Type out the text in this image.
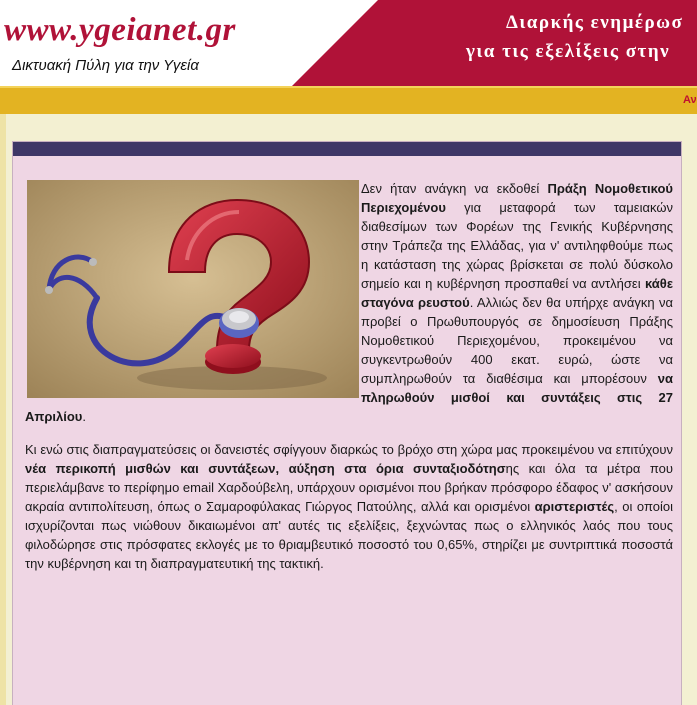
www.ygeianet.gr
Δικτυακή Πύλη για την Υγεία
Διαρκής ενημέρωσ
για τις εξελίξεις στην
Αν

Δεν ήταν ανάγκη να εκδοθεί Πράξη Νομοθετικού Περιεχομένου για μεταφορά των ταμειακών διαθεσίμων των Φορέων της Γενικής Κυβέρνησης στην Τράπεζα της Ελλάδας, για ν' αντιληφθούμε πως η κατάσταση της χώρας βρίσκεται σε πολύ δύσκολο σημείο και η κυβέρνηση προσπαθεί να αντλήσει κάθε σταγόνα ρευστού. Αλλιώς δεν θα υπήρχε ανάγκη να προβεί ο Πρωθυπουργός σε δημοσίευση Πράξης Νομοθετικού Περιεχομένου, προκειμένου να συγκεντρωθούν 400 εκατ. ευρώ, ώστε να συμπληρωθούν τα διαθέσιμα και μπορέσουν να πληρωθούν μισθοί και συντάξεις στις 27 Απριλίου.

Κι ενώ στις διαπραγματεύσεις οι δανειστές σφίγγουν διαρκώς το βρόχο στη χώρα μας προκειμένου να επιτύχουν νέα περικοπή μισθών και συντάξεων, αύξηση στα όρια συνταξιοδότησης και όλα τα μέτρα που περιελάμβανε το περίφημο email Χαρδούβελη, υπάρχουν ορισμένοι που βρήκαν πρόσφορο έδαφος ν' ασκήσουν ακραία αντιπολίτευση, όπως ο Σαμαροφύλακας Γιώργος Πατούλης, αλλά και ορισμένοι αριστεριστές, οι οποίοι ισχυρίζονται πως νιώθουν δικαιωμένοι απ' αυτές τις εξελίξεις, ξεχνώντας πως ο ελληνικός λαός που τους φιλοδώρησε στις πρόσφατες εκλογές με το θριαμβευτικό ποσοστό του 0,65%, στηρίζει με συντριπτικά ποσοστά την κυβέρνηση και τη διαπραγματευτική της τακτική.
